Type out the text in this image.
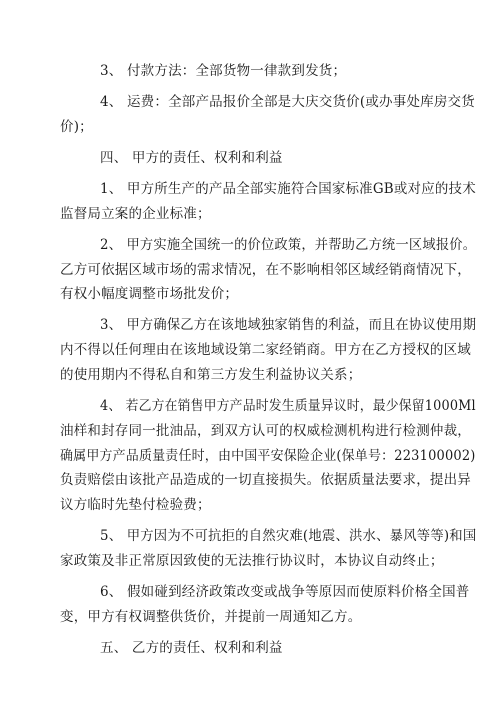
3、 付款方法：全部货物一律款到发货；
4、 运费：全部产品报价全部是大庆交货价(或办事处库房交货
价)；
四、 甲方的责任、权利和利益
1、 甲方所生产的产品全部实施符合国家标准GB或对应的技术
监督局立案的企业标准；
2、 甲方实施全国统一的价位政策，并帮助乙方统一区域报价。
乙方可依据区域市场的需求情况，在不影响相邻区域经销商情况下，
有权小幅度调整市场批发价；
3、 甲方确保乙方在该地域独家销售的利益，而且在协议使用期
内不得以任何理由在该地域设第二家经销商。甲方在乙方授权的区域
的使用期内不得私自和第三方发生利益协议关系；
4、 若乙方在销售甲方产品时发生质量异议时，最少保留1000Ml
油样和封存同一批油品，到双方认可的权威检测机构进行检测仲裁，
确属甲方产品质量责任时，由中国平安保险企业(保单号：223100002)
负责赔偿由该批产品造成的一切直接损失。依据质量法要求，提出异
议方临时先垫付检验费；
5、 甲方因为不可抗拒的自然灾难(地震、洪水、暴风等等)和国
家政策及非正常原因致使的无法推行协议时，本协议自动终止；
6、 假如碰到经济政策改变或战争等原因而使原料价格全国普
变，甲方有权调整供货价，并提前一周通知乙方。
五、 乙方的责任、权利和利益
